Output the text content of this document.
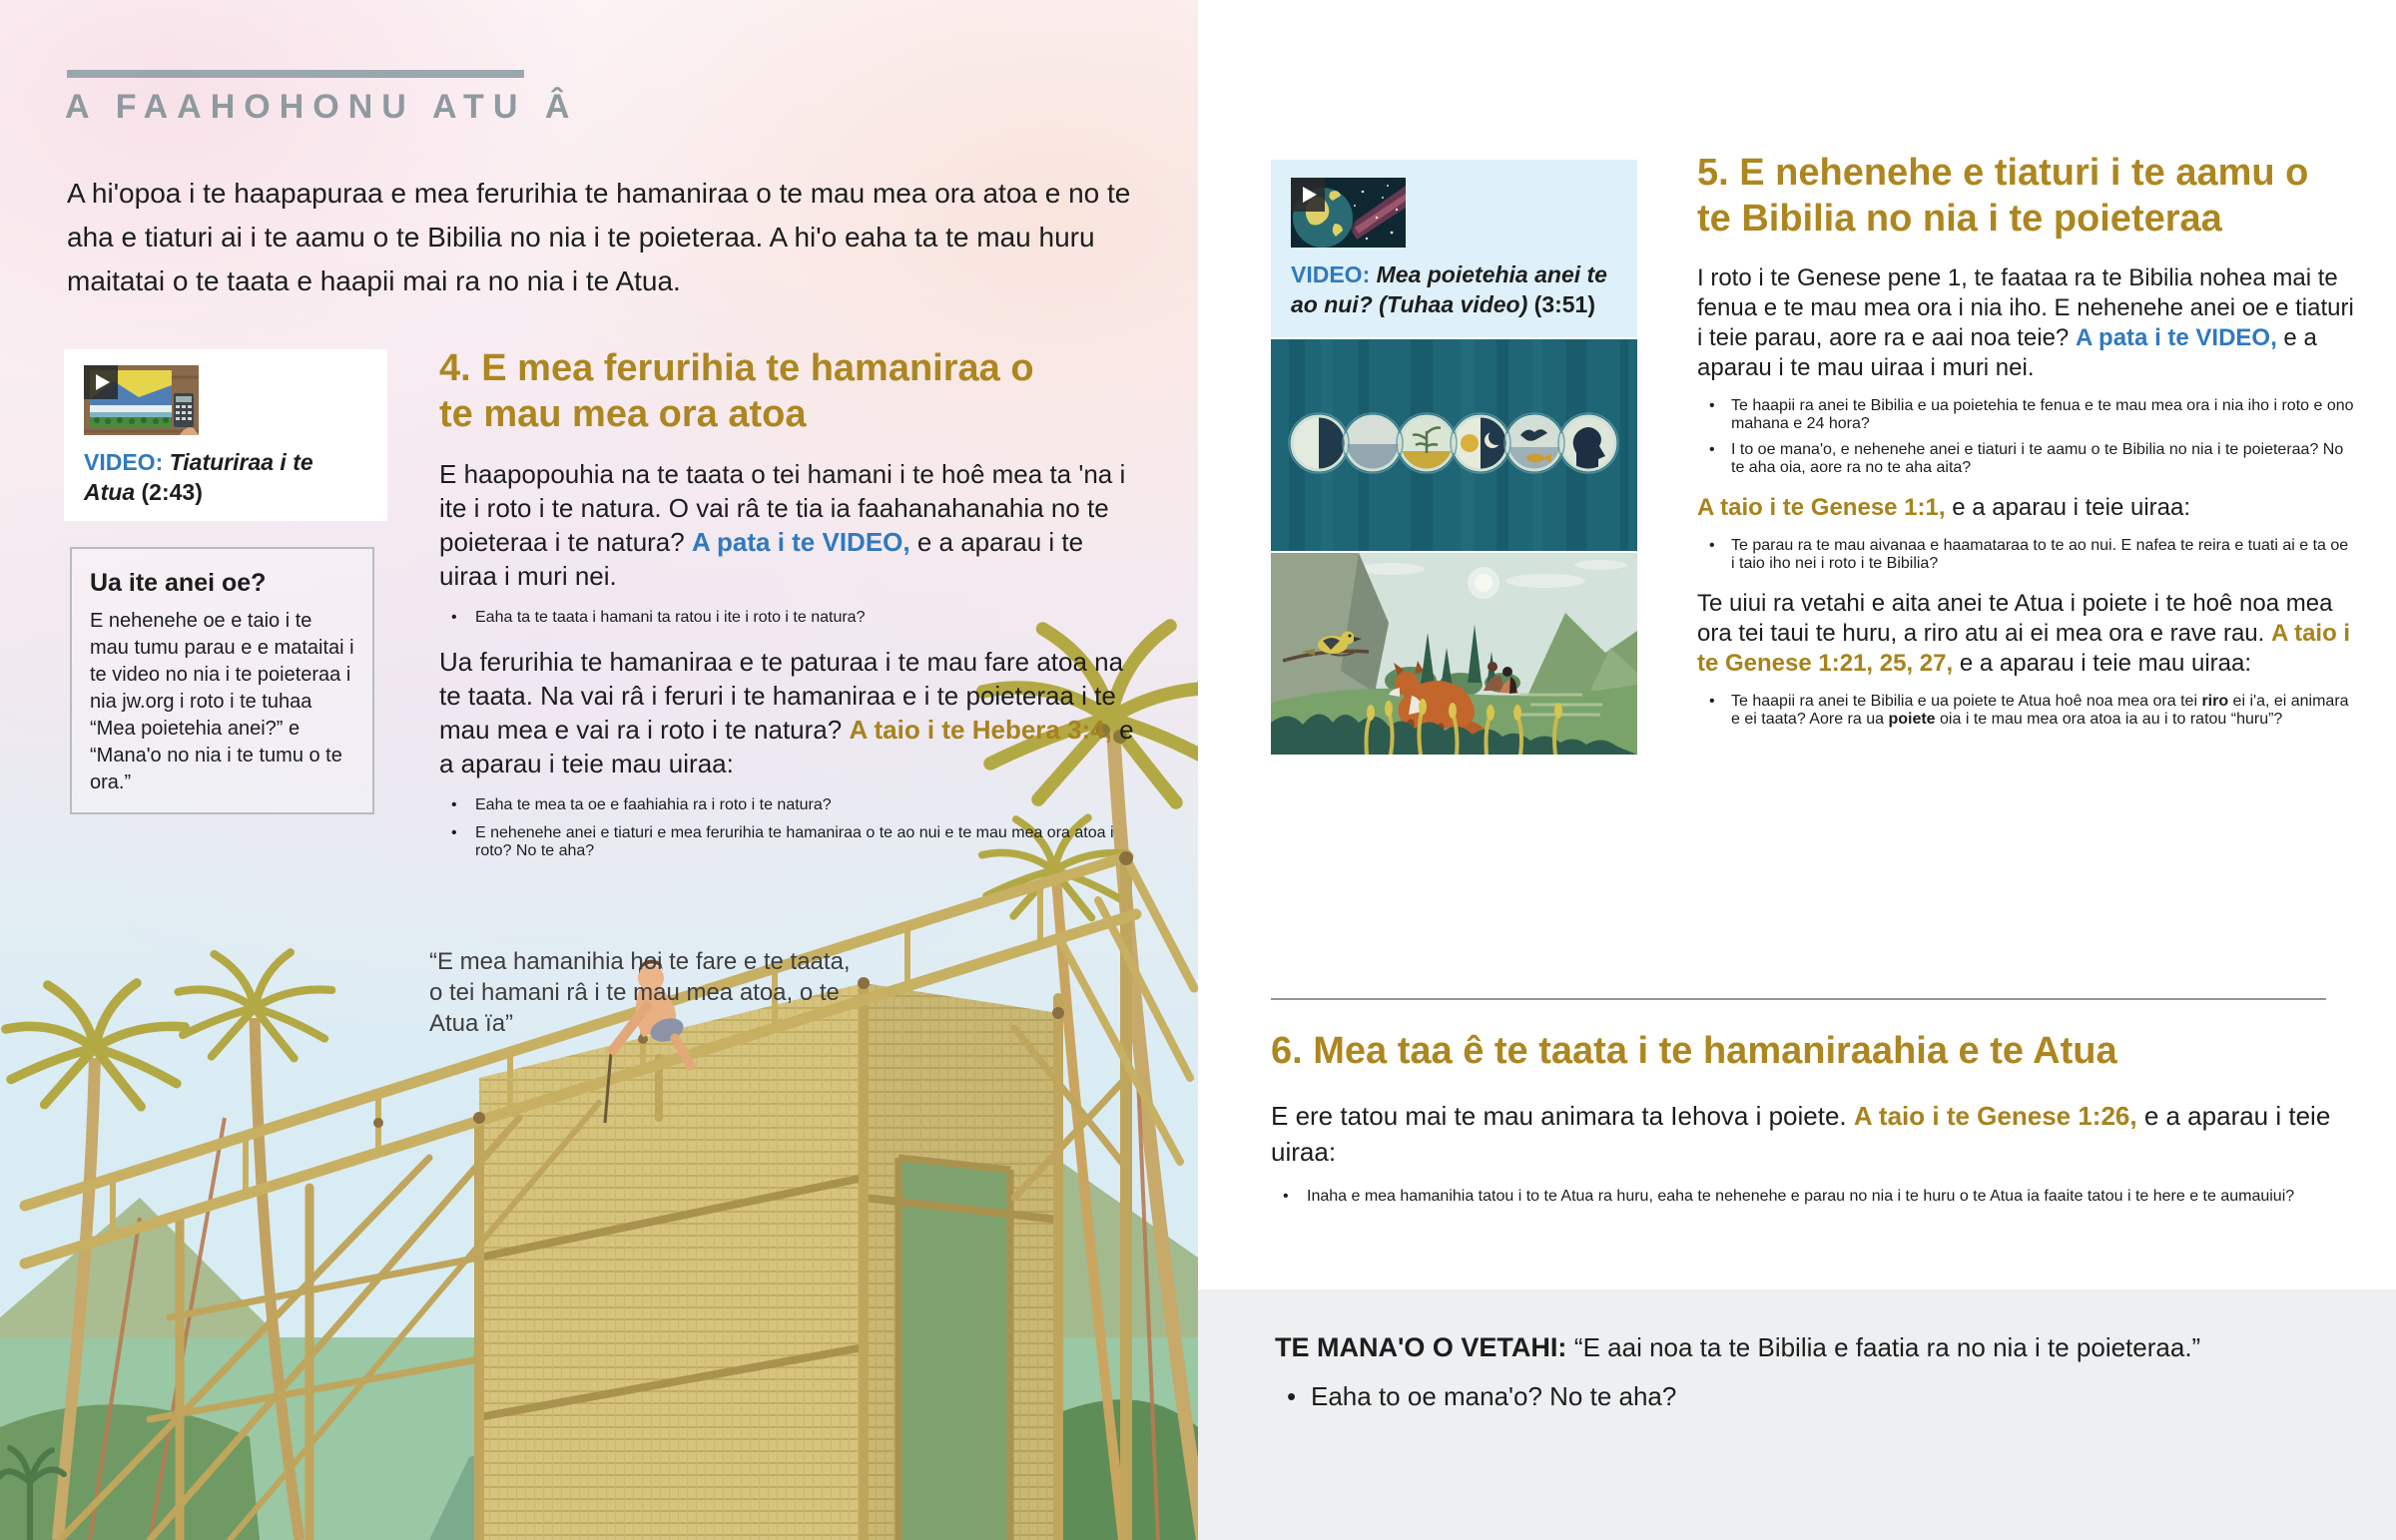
A FAAHOHONU ATU Â

A hi'opoa i te haapapuraa e mea ferurihia te hamaniraa o te mau mea ora atoa e no te aha e tiaturi ai i te aamu o te Bibilia no nia i te poieteraa. A hi'o eaha ta te mau huru maitatai o te taata e haapii mai ra no nia i te Atua.

VIDEO: Tiaturiraa i te Atua (2:43)

Ua ite anei oe?

E nehenehe oe e taio i te mau tumu parau e e mataitai i te video no nia i te poieteraa i nia jw.org i roto i te tuhaa “Mea poietehia anei?” e “Mana'o no nia i te tumu o te ora.”

4. E mea ferurihia te hamaniraa o te mau mea ora atoa

E haapopouhia na te taata o tei hamani i te hoê mea ta 'na i ite i roto i te natura. O vai râ te tia ia faahanahanahia no te poieteraa i te natura? A pata i te VIDEO, e a aparau i te uiraa i muri nei.

• Eaha ta te taata i hamani ta ratou i ite i roto i te natura?

Ua ferurihia te hamaniraa e te paturaa i te mau fare atoa na te taata. Na vai râ i feruri i te hamaniraa e i te poieteraa i te mau mea e vai ra i roto i te natura? A taio i te Hebera 3:4, e a aparau i teie mau uiraa:

• Eaha te mea ta oe e faahiahia ra i roto i te natura?
• E nehenehe anei e tiaturi e mea ferurihia te hamaniraa o te ao nui e te mau mea ora atoa i roto? No te aha?

“E mea hamanihia hoi te fare e te taata, o tei hamani râ i te mau mea atoa, o te Atua ïa”

VIDEO: Mea poietehia anei te ao nui? (Tuhaa video) (3:51)

5. E nehenehe e tiaturi i te aamu o te Bibilia no nia i te poieteraa

I roto i te Genese pene 1, te faataa ra te Bibilia nohea mai te fenua e te mau mea ora i nia iho. E nehenehe anei oe e tiaturi i teie parau, aore ra e aai noa teie? A pata i te VIDEO, e a aparau i te mau uiraa i muri nei.

• Te haapii ra anei te Bibilia e ua poietehia te fenua e te mau mea ora i nia iho i roto e ono mahana e 24 hora?
• I to oe mana'o, e nehenehe anei e tiaturi i te aamu o te Bibilia no nia i te poieteraa? No te aha oia, aore ra no te aha aita?

A taio i te Genese 1:1, e a aparau i teie uiraa:

• Te parau ra te mau aivanaa e haamataraa to te ao nui. E nafea te reira e tuati ai e ta oe i taio iho nei i roto i te Bibilia?

Te uiui ra vetahi e aita anei te Atua i poiete i te hoê noa mea ora tei taui te huru, a riro atu ai ei mea ora e rave rau. A taio i te Genese 1:21, 25, 27, e a aparau i teie mau uiraa:

• Te haapii ra anei te Bibilia e ua poiete te Atua hoê noa mea ora tei riro ei i'a, ei animara e ei taata? Aore ra ua poiete oia i te mau mea ora atoa ia au i to ratou “huru”?
6. Mea taa ê te taata i te hamaniraahia e te Atua

E ere tatou mai te mau animara ta Iehova i poiete. A taio i te Genese 1:26, e a aparau i teie uiraa:

• Inaha e mea hamanihia tatou i to te Atua ra huru, eaha te nehenehe e parau no nia i te huru o te Atua ia faaite tatou i te here e te aumauiui?

TE MANA'O O VETAHI: “E aai noa ta te Bibilia e faatia ra no nia i te poieteraa.”

• Eaha to oe mana'o? No te aha?
